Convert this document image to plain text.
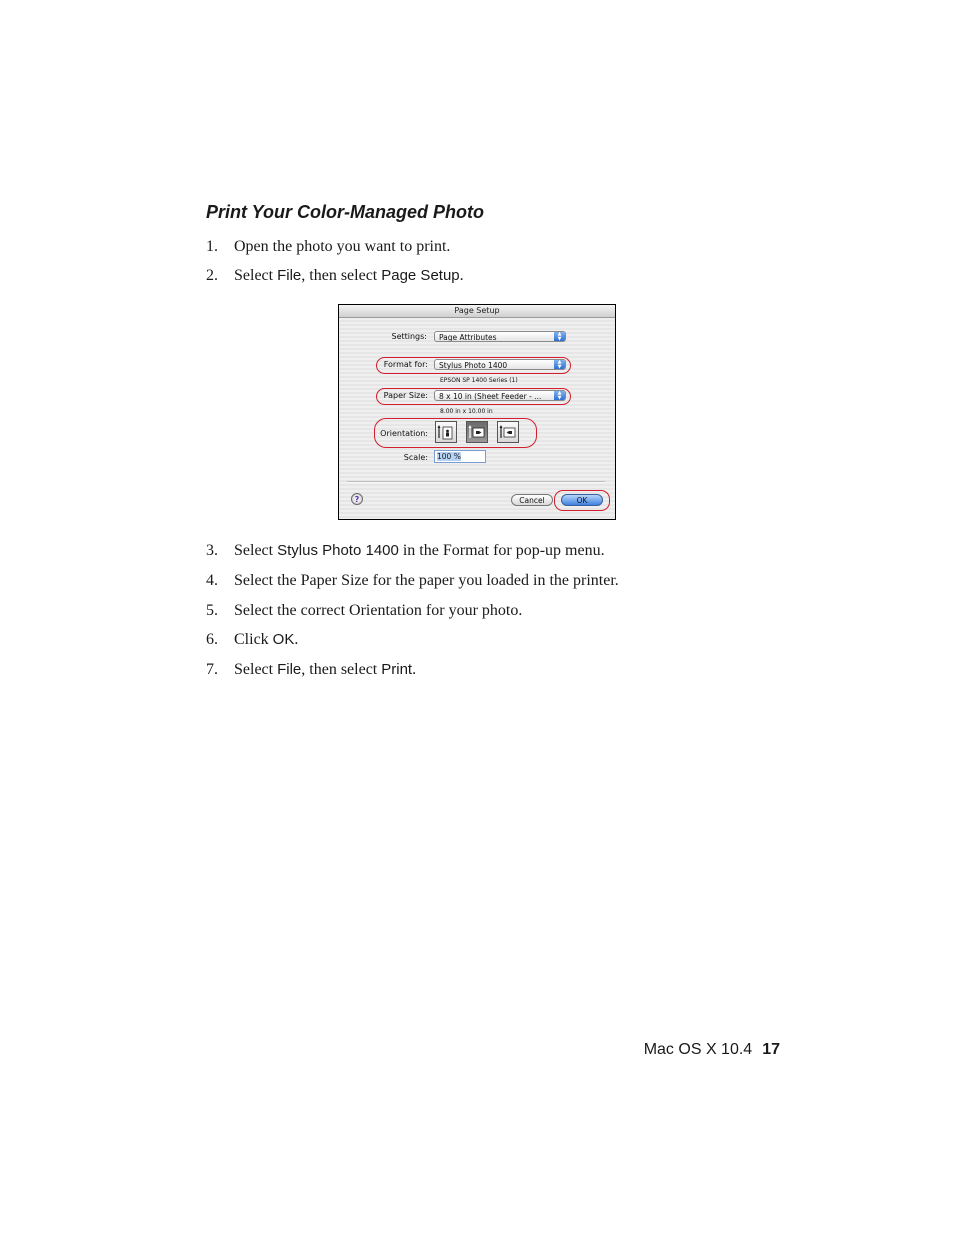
Print Your Color-Managed Photo
1. Open the photo you want to print.
2. Select File, then select Page Setup.
Page Setup
Settings:	Page Attributes	▲
▼
Format for:	Stylus Photo 1400	▲
▼
EPSON SP 1400 Series (1)
Paper Size:	8 x 10 in (Sheet Feeder - ...	▲
▼
8.00 in x 10.00 in
Orientation:
Scale:	100 %
?	Cancel	OK
3. Select Stylus Photo 1400 in the Format for pop-up menu.
4. Select the Paper Size for the paper you loaded in the printer.
5. Select the correct Orientation for your photo.
6. Click OK.
7. Select File, then select Print.
Mac OS X 10.4 17
